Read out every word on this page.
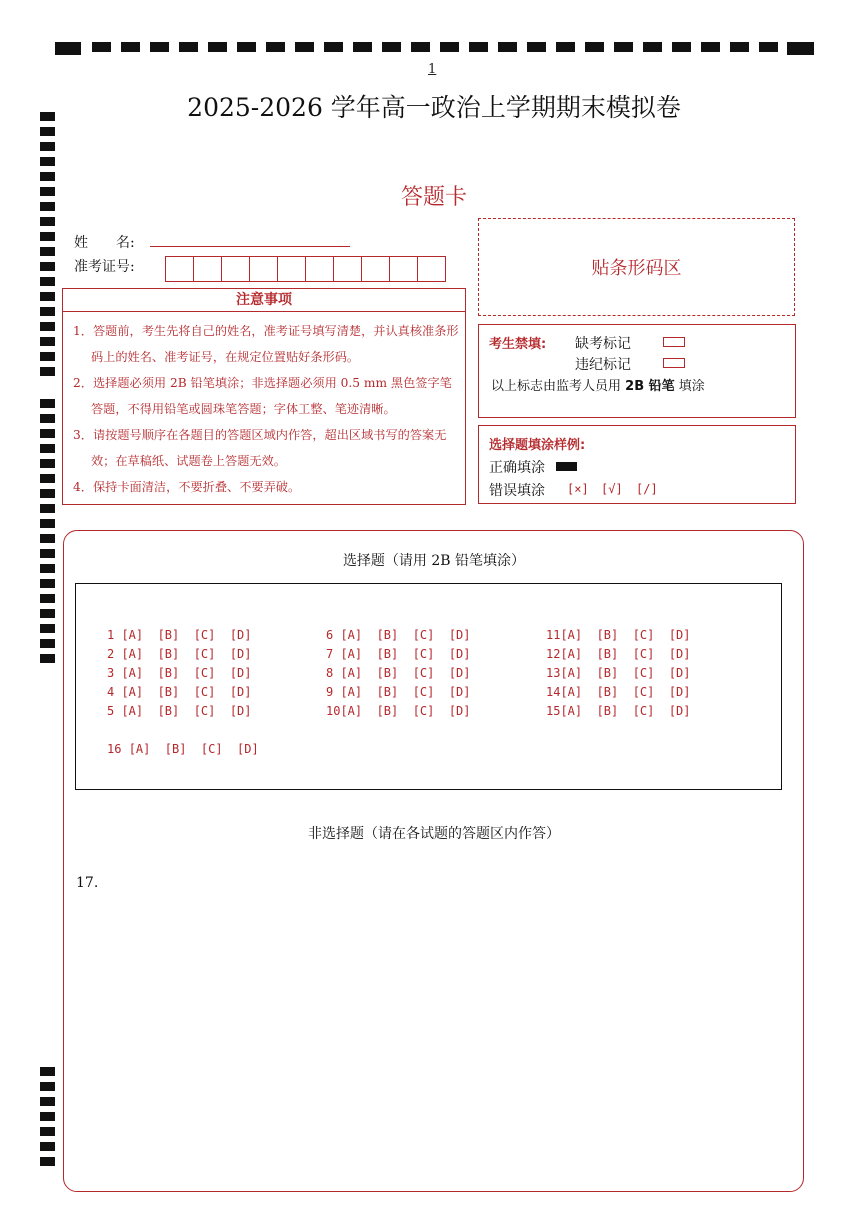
1
2025-2026 学年高一政治上学期期末模拟卷
答题卡
姓　　名:
准考证号:	贴条形码区
注意事项
1．答题前，考生先将自己的姓名，准考证号填写清楚，并认真核准条形码上的姓名、准考证号，在规定位置贴好条形码。
2．选择题必须用 2B 铅笔填涂；非选择题必须用 0.5 mm 黑色签字笔答题，不得用铅笔或圆珠笔答题；字体工整、笔迹清晰。
3．请按题号顺序在各题目的答题区域内作答，超出区域书写的答案无效；在草稿纸、试题卷上答题无效。
4．保持卡面清洁，不要折叠、不要弄破。
考生禁填: 缺考标记
违纪标记
以上标志由监考人员用 2B 铅笔 填涂
选择题填涂样例:
正确填涂
错误填涂 [×] [√] [/]
选择题（请用 2B 铅笔填涂）
1 [A]  [B]  [C]  [D]
2 [A]  [B]  [C]  [D]
3 [A]  [B]  [C]  [D]
4 [A]  [B]  [C]  [D]
5 [A]  [B]  [C]  [D]
6 [A]  [B]  [C]  [D]
7 [A]  [B]  [C]  [D]
8 [A]  [B]  [C]  [D]
9 [A]  [B]  [C]  [D]
10[A]  [B]  [C]  [D]
11[A]  [B]  [C]  [D]
12[A]  [B]  [C]  [D]
13[A]  [B]  [C]  [D]
14[A]  [B]  [C]  [D]
15[A]  [B]  [C]  [D]
16 [A]  [B]  [C]  [D]
非选择题（请在各试题的答题区内作答）
17.
